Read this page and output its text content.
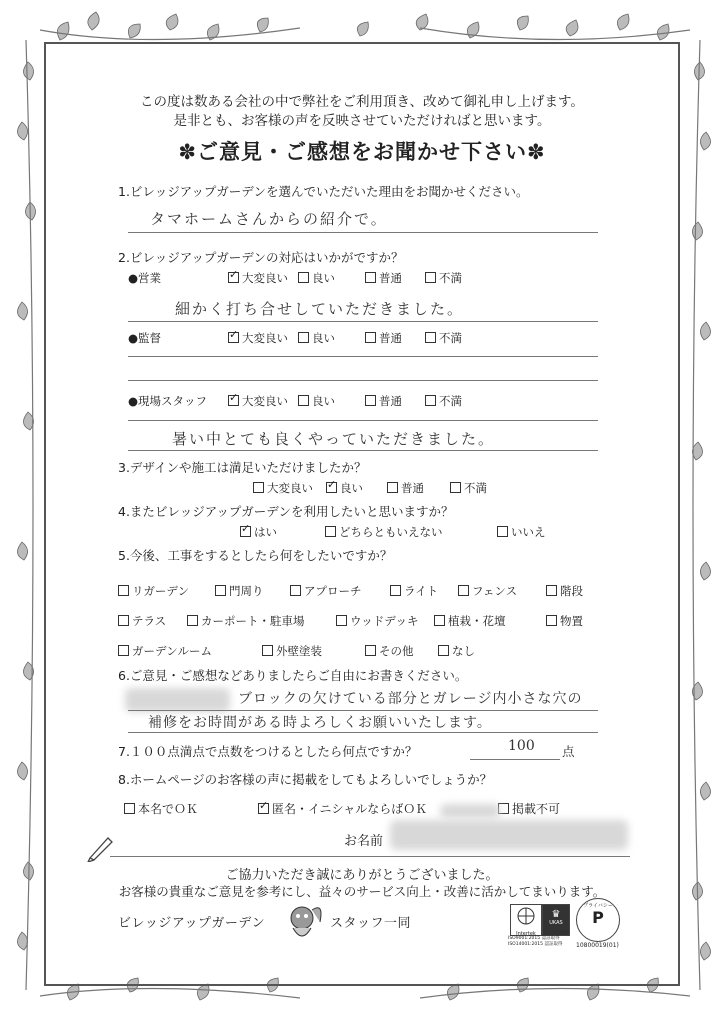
この度は数ある会社の中で弊社をご利用頂き、改めて御礼申し上げます。
是非とも、お客様の声を反映させていただければと思います。
✽ご意見・ご感想をお聞かせ下さい✽
1.ビレッジアップガーデンを選んでいただいた理由をお聞かせください。
タマホームさんからの紹介で。
2.ビレッジアップガーデンの対応はいかがですか？
●営業 ✓	大変良い	良い	普通	不満
細かく打ち合せしていただきました。
●監督 ✓	大変良い	良い	普通	不満
●現場スタッフ ✓	大変良い	良い	普通	不満
暑い中とても良くやっていただきました。
3.デザインや施工は満足いただけましたか？
大変良い ✓	良い	普通	不満
4.またビレッジアップガーデンを利用したいと思いますか？
✓はい	どちらともいえない	いいえ
5.今後、工事をするとしたら何をしたいですか？
リガーデン	門周り	アプローチ	ライト	フェンス	階段
テラス	カーポート・駐車場	ウッドデッキ	植栽・花壇	物置
ガーデンルーム	外壁塗装	その他	なし
6.ご意見・ご感想などありましたらご自由にお書きください。
ブロックの欠けている部分とガレージ内小さな穴の
補修をお時間がある時よろしくお願いいたします。
7.１００点満点で点数をつけるとしたら何点ですか？	100 点
8.ホームページのお客様の声に掲載をしてもよろしいでしょうか？
本名でＯＫ ✓	匿名・イニシャルならばＯＫ	掲載不可
お名前
ご協力いただき誠にありがとうございました。
お客様の貴重なご意見を参考にし、益々のサービス向上・改善に活かしてまいります。
ビレッジアップガーデン	スタッフ一同
Intertek
♛
UKAS
ISO9001:2015 認証取得
ISO14001:2015 認証取得
プライバシー
P
10800019(01)
